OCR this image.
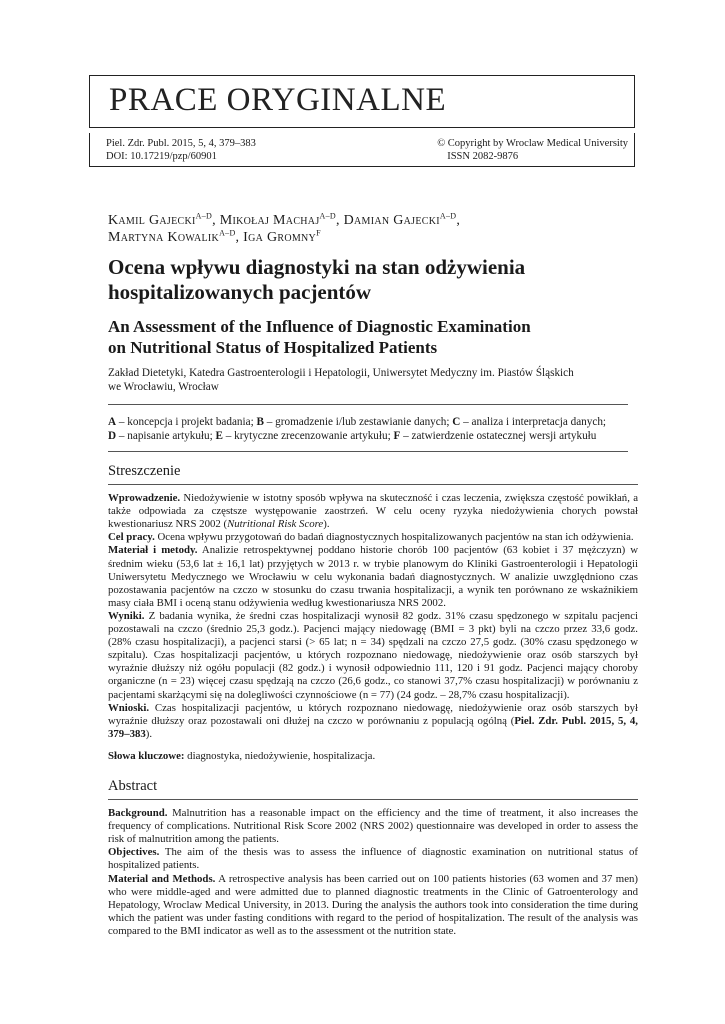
PRACE ORYGINALNE
Piel. Zdr. Publ. 2015, 5, 4, 379–383
DOI: 10.17219/pzp/60901
© Copyright by Wroclaw Medical University
ISSN 2082-9876
Kamil Gajecki$^{A-D}$, Mikołaj Machaj$^{A-D}$, Damian Gajecki$^{A-D}$,
Martyna Kowalik$^{A-D}$, Iga Gromny$^F$
Ocena wpływu diagnostyki na stan odżywienia
hospitalizowanych pacjentów
An Assessment of the Influence of Diagnostic Examination
on Nutritional Status of Hospitalized Patients
Zakład Dietetyki, Katedra Gastroenterologii i Hepatologii, Uniwersytet Medyczny im. Piastów Śląskich
we Wrocławiu, Wrocław
A – koncepcja i projekt badania; B – gromadzenie i/lub zestawianie danych; C – analiza i interpretacja danych;
D – napisanie artykułu; E – krytyczne zrecenzowanie artykułu; F – zatwierdzenie ostatecznej wersji artykułu
Streszczenie

Wprowadzenie. Niedożywienie w istotny sposób wpływa na skuteczność i czas leczenia, zwiększa częstość powikłań, a także odpowiada za częstsze występowanie zaostrzeń. W celu oceny ryzyka niedożywienia chorych powstał kwestionariusz NRS 2002 (Nutritional Risk Score).

Cel pracy. Ocena wpływu przygotowań do badań diagnostycznych hospitalizowanych pacjentów na stan ich odżywienia.

Materiał i metody. Analizie retrospektywnej poddano historie chorób 100 pacjentów (63 kobiet i 37 mężczyzn) w średnim wieku (53,6 lat ± 16,1 lat) przyjętych w 2013 r. w trybie planowym do Kliniki Gastroenterologii i Hepatologii Uniwersytetu Medycznego we Wrocławiu w celu wykonania badań diagnostycznych. W analizie uwzględniono czas pozostawania pacjentów na czczo w stosunku do czasu trwania hospitalizacji, a wynik ten porównano ze wskaźnikiem masy ciała BMI i oceną stanu odżywienia według kwestionariusza NRS 2002.

Wyniki. Z badania wynika, że średni czas hospitalizacji wynosił 82 godz. 31% czasu spędzonego w szpitalu pacjenci pozostawali na czczo (średnio 25,3 godz.). Pacjenci mający niedowagę (BMI = 3 pkt) byli na czczo przez 33,6 godz. (28% czasu hospitalizacji), a pacjenci starsi (> 65 lat; n = 34) spędzali na czczo 27,5 godz. (30% czasu spędzonego w szpitalu). Czas hospitalizacji pacjentów, u których rozpoznano niedowagę, niedożywienie oraz osób starszych był wyraźnie dłuższy niż ogółu populacji (82 godz.) i wynosił odpowiednio 111, 120 i 91 godz. Pacjenci mający choroby organiczne (n = 23) więcej czasu spędzają na czczo (26,6 godz., co stanowi 37,7% czasu hospitalizacji) w porównaniu z pacjentami skarżącymi się na dolegliwości czynnościowe (n = 77) (24 godz. – 28,7% czasu hospitalizacji).

Wnioski. Czas hospitalizacji pacjentów, u których rozpoznano niedowagę, niedożywienie oraz osób starszych był wyraźnie dłuższy oraz pozostawali oni dłużej na czczo w porównaniu z populacją ogólną (Piel. Zdr. Publ. 2015, 5, 4, 379–383).

Słowa kluczowe: diagnostyka, niedożywienie, hospitalizacja.

Abstract

Background. Malnutrition has a reasonable impact on the efficiency and the time of treatment, it also increases the frequency of complications. Nutritional Risk Score 2002 (NRS 2002) questionnaire was developed in order to assess the risk of malnutrition among the patients.

Objectives. The aim of the thesis was to assess the influence of diagnostic examination on nutritional status of hospitalized patients.

Material and Methods. A retrospective analysis has been carried out on 100 patients histories (63 women and 37 men) who were middle-aged and were admitted due to planned diagnostic treatments in the Clinic of Gatroenterology and Hepatology, Wroclaw Medical University, in 2013. During the analysis the authors took into consideration the time during which the patient was under fasting conditions with regard to the period of hospitalization. The result of the analysis was compared to the BMI indicator as well as to the assessment ot the nutrition state.
